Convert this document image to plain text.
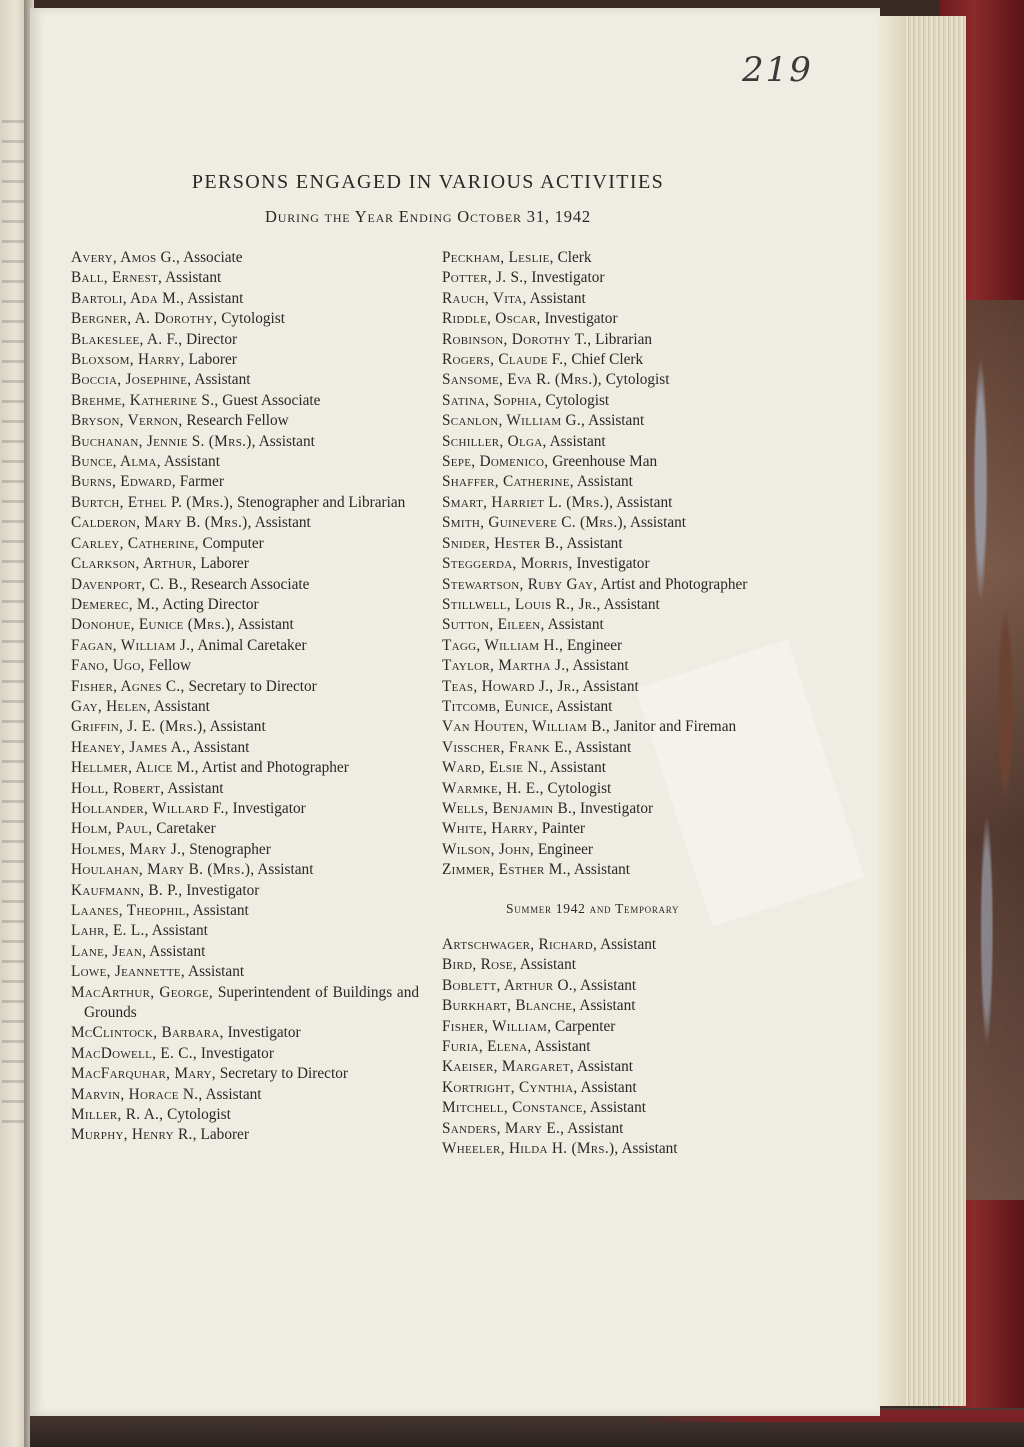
219
PERSONS ENGAGED IN VARIOUS ACTIVITIES
During the Year Ending October 31, 1942
Avery, Amos G., Associate
Ball, Ernest, Assistant
Bartoli, Ada M., Assistant
Bergner, A. Dorothy, Cytologist
Blakeslee, A. F., Director
Bloxsom, Harry, Laborer
Boccia, Josephine, Assistant
Brehme, Katherine S., Guest Associate
Bryson, Vernon, Research Fellow
Buchanan, Jennie S. (Mrs.), Assistant
Bunce, Alma, Assistant
Burns, Edward, Farmer
Burtch, Ethel P. (Mrs.), Stenographer and Librarian
Calderon, Mary B. (Mrs.), Assistant
Carley, Catherine, Computer
Clarkson, Arthur, Laborer
Davenport, C. B., Research Associate
Demerec, M., Acting Director
Donohue, Eunice (Mrs.), Assistant
Fagan, William J., Animal Caretaker
Fano, Ugo, Fellow
Fisher, Agnes C., Secretary to Director
Gay, Helen, Assistant
Griffin, J. E. (Mrs.), Assistant
Heaney, James A., Assistant
Hellmer, Alice M., Artist and Photographer
Holl, Robert, Assistant
Hollander, Willard F., Investigator
Holm, Paul, Caretaker
Holmes, Mary J., Stenographer
Houlahan, Mary B. (Mrs.), Assistant
Kaufmann, B. P., Investigator
Laanes, Theophil, Assistant
Lahr, E. L., Assistant
Lane, Jean, Assistant
Lowe, Jeannette, Assistant
MacArthur, George, Superintendent of Buildings and Grounds
McClintock, Barbara, Investigator
MacDowell, E. C., Investigator
MacFarquhar, Mary, Secretary to Director
Marvin, Horace N., Assistant
Miller, R. A., Cytologist
Murphy, Henry R., Laborer
Peckham, Leslie, Clerk
Potter, J. S., Investigator
Rauch, Vita, Assistant
Riddle, Oscar, Investigator
Robinson, Dorothy T., Librarian
Rogers, Claude F., Chief Clerk
Sansome, Eva R. (Mrs.), Cytologist
Satina, Sophia, Cytologist
Scanlon, William G., Assistant
Schiller, Olga, Assistant
Sepe, Domenico, Greenhouse Man
Shaffer, Catherine, Assistant
Smart, Harriet L. (Mrs.), Assistant
Smith, Guinevere C. (Mrs.), Assistant
Snider, Hester B., Assistant
Steggerda, Morris, Investigator
Stewartson, Ruby Gay, Artist and Photographer
Stillwell, Louis R., Jr., Assistant
Sutton, Eileen, Assistant
Tagg, William H., Engineer
Taylor, Martha J., Assistant
Teas, Howard J., Jr., Assistant
Titcomb, Eunice, Assistant
Van Houten, William B., Janitor and Fireman
Visscher, Frank E., Assistant
Ward, Elsie N., Assistant
Warmke, H. E., Cytologist
Wells, Benjamin B., Investigator
White, Harry, Painter
Wilson, John, Engineer
Zimmer, Esther M., Assistant
Summer 1942 and Temporary
Artschwager, Richard, Assistant
Bird, Rose, Assistant
Boblett, Arthur O., Assistant
Burkhart, Blanche, Assistant
Fisher, William, Carpenter
Furia, Elena, Assistant
Kaeiser, Margaret, Assistant
Kortright, Cynthia, Assistant
Mitchell, Constance, Assistant
Sanders, Mary E., Assistant
Wheeler, Hilda H. (Mrs.), Assistant
